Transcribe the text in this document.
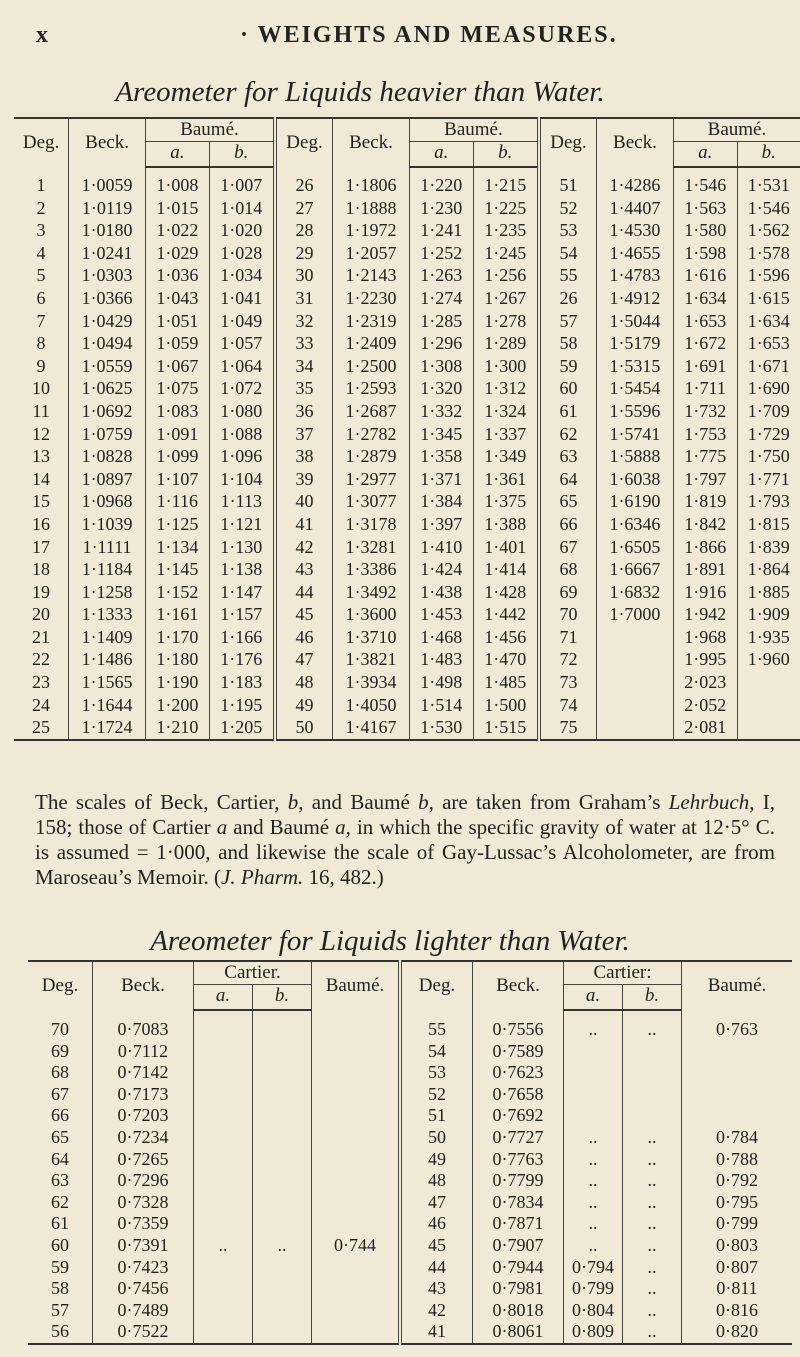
x	· WEIGHTS AND MEASURES.
Areometer for Liquids heavier than Water.
Deg.	Beck.	Baumé.		Deg.	Beck.	Baumé.		Deg.	Beck.	Baumé.	
		a.	b.			a.	b.			a.	b.
1	1·0059	1·008	1·007	26	1·1806	1·220	1·215	51	1·4286	1·546	1·531
2	1·0119	1·015	1·014	27	1·1888	1·230	1·225	52	1·4407	1·563	1·546
3	1·0180	1·022	1·020	28	1·1972	1·241	1·235	53	1·4530	1·580	1·562
4	1·0241	1·029	1·028	29	1·2057	1·252	1·245	54	1·4655	1·598	1·578
5	1·0303	1·036	1·034	30	1·2143	1·263	1·256	55	1·4783	1·616	1·596
6	1·0366	1·043	1·041	31	1·2230	1·274	1·267	26	1·4912	1·634	1·615
7	1·0429	1·051	1·049	32	1·2319	1·285	1·278	57	1·5044	1·653	1·634
8	1·0494	1·059	1·057	33	1·2409	1·296	1·289	58	1·5179	1·672	1·653
9	1·0559	1·067	1·064	34	1·2500	1·308	1·300	59	1·5315	1·691	1·671
10	1·0625	1·075	1·072	35	1·2593	1·320	1·312	60	1·5454	1·711	1·690
11	1·0692	1·083	1·080	36	1·2687	1·332	1·324	61	1·5596	1·732	1·709
12	1·0759	1·091	1·088	37	1·2782	1·345	1·337	62	1·5741	1·753	1·729
13	1·0828	1·099	1·096	38	1·2879	1·358	1·349	63	1·5888	1·775	1·750
14	1·0897	1·107	1·104	39	1·2977	1·371	1·361	64	1·6038	1·797	1·771
15	1·0968	1·116	1·113	40	1·3077	1·384	1·375	65	1·6190	1·819	1·793
16	1·1039	1·125	1·121	41	1·3178	1·397	1·388	66	1·6346	1·842	1·815
17	1·1111	1·134	1·130	42	1·3281	1·410	1·401	67	1·6505	1·866	1·839
18	1·1184	1·145	1·138	43	1·3386	1·424	1·414	68	1·6667	1·891	1·864
19	1·1258	1·152	1·147	44	1·3492	1·438	1·428	69	1·6832	1·916	1·885
20	1·1333	1·161	1·157	45	1·3600	1·453	1·442	70	1·7000	1·942	1·909
21	1·1409	1·170	1·166	46	1·3710	1·468	1·456	71		1·968	1·935
22	1·1486	1·180	1·176	47	1·3821	1·483	1·470	72		1·995	1·960
23	1·1565	1·190	1·183	48	1·3934	1·498	1·485	73		2·023	
24	1·1644	1·200	1·195	49	1·4050	1·514	1·500	74		2·052	
25	1·1724	1·210	1·205	50	1·4167	1·530	1·515	75		2·081	
The scales of Beck, Cartier, b, and Baumé b, are taken from Graham’s Lehrbuch, I, 158; those of Cartier a and Baumé a, in which the specific gravity of water at 12·5° C. is assumed = 1·000, and likewise the scale of Gay-Lussac’s Alcoholometer, are from Maroseau’s Memoir. (J. Pharm. 16, 482.)
Areometer for Liquids lighter than Water.
Deg.	Beck.	Cartier.		Baumé.	Deg.	Beck.	Cartier:		Baumé.
		a.	b.				a.	b.	
70	0·7083				55	0·7556	..	..	0·763
69	0·7112				54	0·7589			
68	0·7142				53	0·7623			
67	0·7173				52	0·7658			
66	0·7203				51	0·7692			
65	0·7234				50	0·7727	..	..	0·784
64	0·7265				49	0·7763	..	..	0·788
63	0·7296				48	0·7799	..	..	0·792
62	0·7328				47	0·7834	..	..	0·795
61	0·7359				46	0·7871	..	..	0·799
60	0·7391	..	..	0·744	45	0·7907	..	..	0·803
59	0·7423				44	0·7944	0·794	..	0·807
58	0·7456				43	0·7981	0·799	..	0·811
57	0·7489				42	0·8018	0·804	..	0·816
56	0·7522				41	0·8061	0·809	..	0·820
